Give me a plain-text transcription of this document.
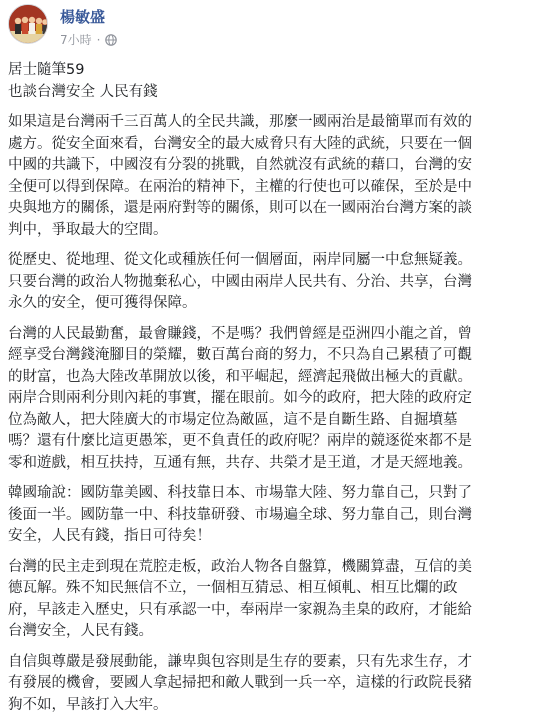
楊敏盛
7小時 ·

居士隨筆59

也談台灣安全 人民有錢

如果這是台灣兩千三百萬人的全民共識，那麼一國兩治是最簡單而有效的
處方。從安全面來看，台灣安全的最大威脅只有大陸的武統，只要在一個
中國的共識下，中國沒有分裂的挑戰，自然就沒有武統的藉口，台灣的安
全便可以得到保障。在兩治的精神下，主權的行使也可以確保，至於是中
央與地方的關係，還是兩府對等的關係，則可以在一國兩治台灣方案的談
判中，爭取最大的空間。
從歷史、從地理、從文化或種族任何一個層面，兩岸同屬一中怠無疑義。
只要台灣的政治人物拋棄私心，中國由兩岸人民共有、分治、共享，台灣
永久的安全，便可獲得保障。
台灣的人民最勤奮，最會賺錢，不是嗎？我們曾經是亞洲四小龍之首，曾
經享受台灣錢淹腳目的榮耀，數百萬台商的努力，不只為自己累積了可觀
的財富，也為大陸改革開放以後，和平崛起，經濟起飛做出極大的貢獻。
兩岸合則兩利分則內耗的事實，擺在眼前。如今的政府，把大陸的政府定
位為敵人，把大陸廣大的市場定位為敵區，這不是自斷生路、自掘墳墓
嗎？還有什麼比這更愚笨，更不負責任的政府呢？兩岸的競逐從來都不是
零和遊戲，相互扶持，互通有無，共存、共榮才是王道，才是天經地義。
韓國瑜說：國防靠美國、科技靠日本、市場靠大陸、努力靠自己，只對了
後面一半。國防靠一中、科技靠研發、市場遍全球、努力靠自己，則台灣
安全，人民有錢，指日可待矣！
台灣的民主走到現在荒腔走板，政治人物各自盤算，機關算盡，互信的美
德瓦解。殊不知民無信不立，一個相互猜忌、相互傾軋、相互比爛的政
府，早該走入歷史，只有承認一中，奉兩岸一家親為圭臬的政府，才能給
台灣安全，人民有錢。
自信與尊嚴是發展動能，謙卑與包容則是生存的要素，只有先求生存，才
有發展的機會，要國人拿起掃把和敵人戰到一兵一卒，這樣的行政院長豬
狗不如，早該打入大牢。
